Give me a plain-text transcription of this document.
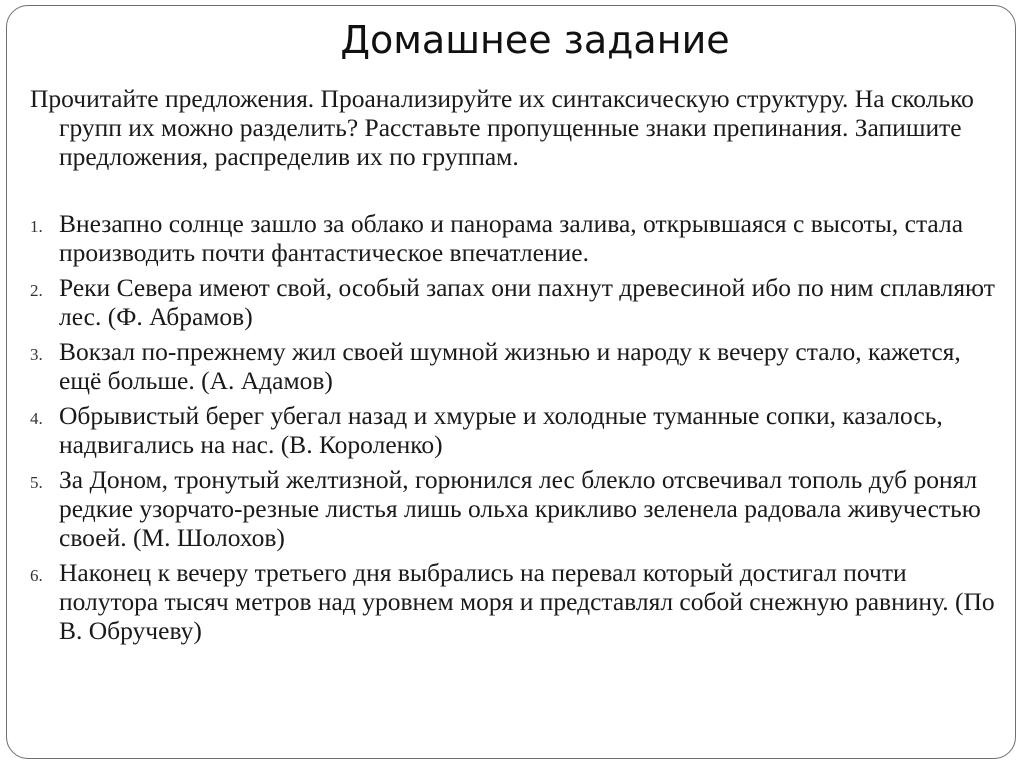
Домашнее задание

Прочитайте предложения. Проанализируйте их синтаксическую структуру. На сколько групп их можно разделить? Расставьте пропущенные знаки препинания. Запишите предложения, распределив их по группам.

1. Внезапно солнце зашло за облако и панорама залива, открывшаяся с высоты, стала производить почти фантастическое впечатление.
2. Реки Севера имеют свой, особый запах они пахнут древесиной ибо по ним сплавляют лес. (Ф. Абрамов)
3. Вокзал по-прежнему жил своей шумной жизнью и народу к вечеру стало, кажется, ещё больше. (А. Адамов)
4. Обрывистый берег убегал назад и хмурые и холодные туманные сопки, казалось, надвигались на нас. (В. Короленко)
5. За Доном, тронутый желтизной, горюнился лес блекло отсвечивал тополь дуб ронял редкие узорчато-резные листья лишь ольха крикливо зеленела радовала живучестью своей. (М. Шолохов)
6. Наконец к вечеру третьего дня выбрались на перевал который достигал почти полутора тысяч метров над уровнем моря и представлял собой снежную равнину. (По В. Обручеву)
